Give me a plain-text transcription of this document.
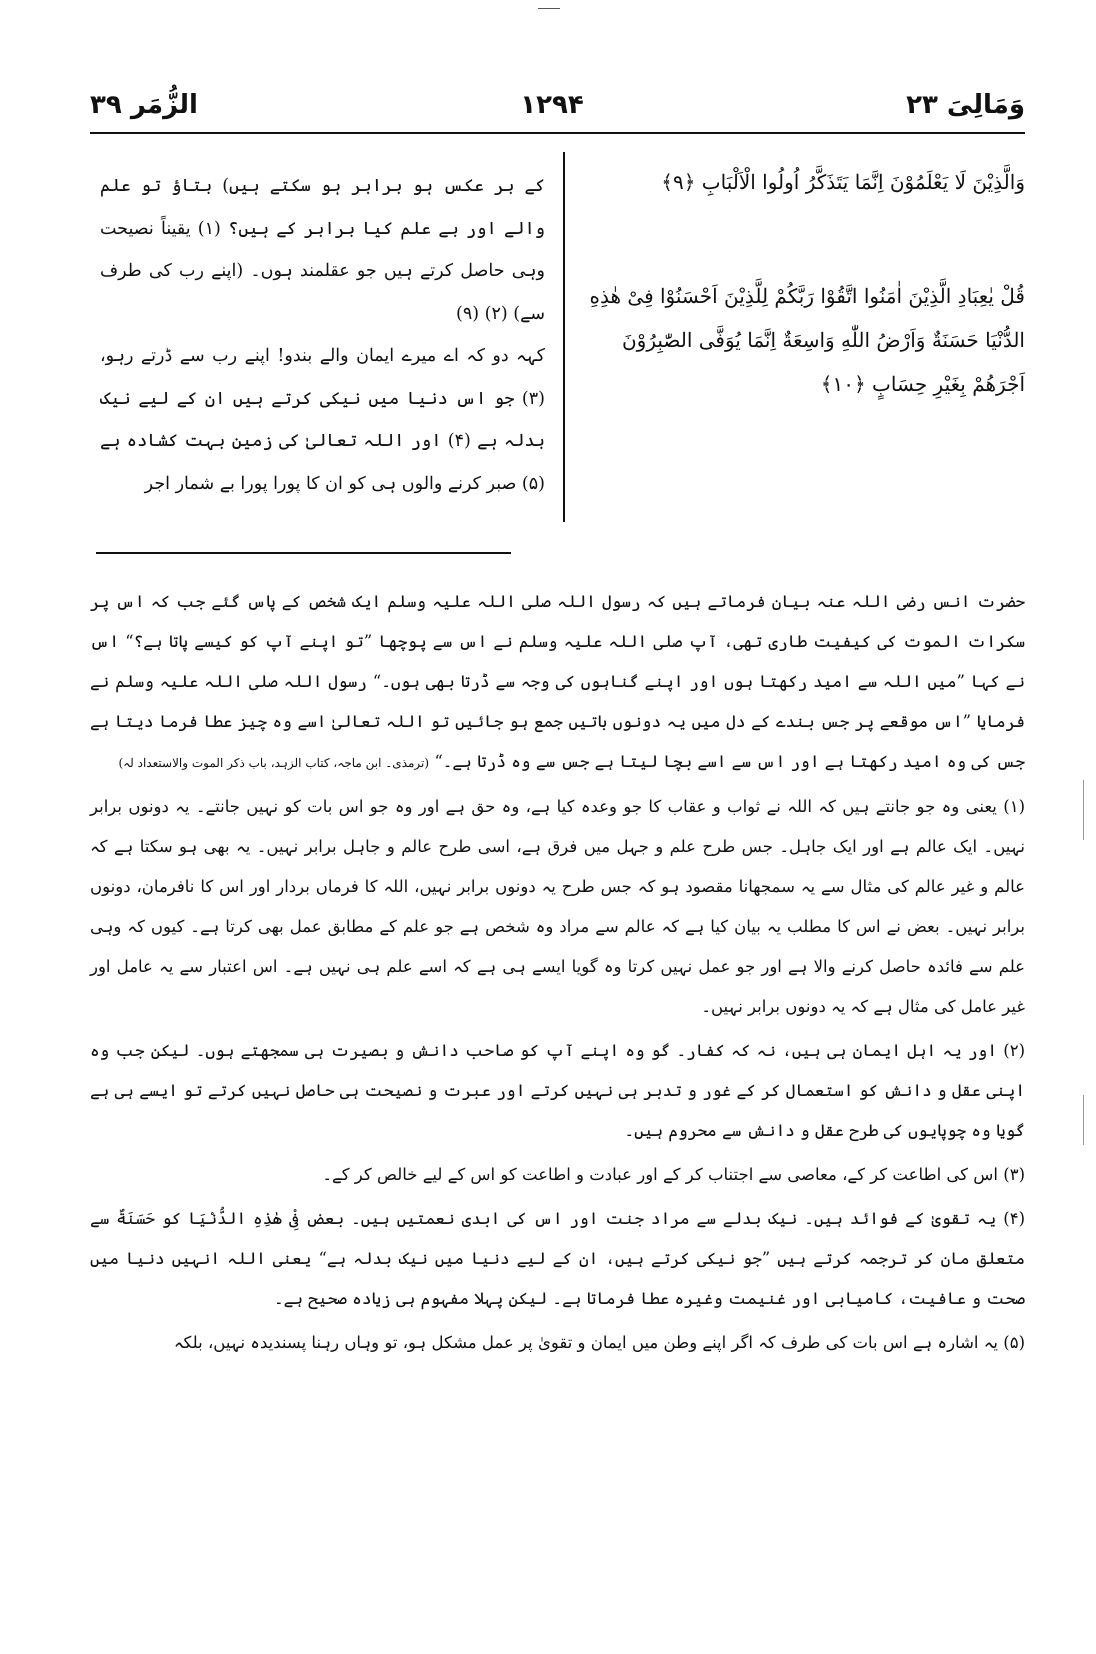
وَمَالِیَ ۲۳
۱۲۹۴
الزُّمَر ۳۹

وَالَّذِیْنَ لَا یَعْلَمُوْنَ اِنَّمَا یَتَذَکَّرُ اُولُوا الْاَلْبَابِ ﴿۹﴾

قُلْ یٰعِبَادِ الَّذِیْنَ اٰمَنُوا اتَّقُوْا رَبَّکُمْ لِلَّذِیْنَ اَحْسَنُوْا فِیْ هٰذِهِ الدُّنْیَا حَسَنَةٌ وَاَرْضُ اللّٰهِ وَاسِعَةٌ اِنَّمَا یُوَفَّی الصّٰبِرُوْنَ اَجْرَهُمْ بِغَیْرِ حِسَابٍ ﴿۱۰﴾

کے بر عکس ہو برابر ہو سکتے ہیں) بتاؤ تو علم والے اور بے علم کیا برابر کے ہیں؟ (۱) یقیناً نصیحت وہی حاصل کرتے ہیں جو عقلمند ہوں۔ (اپنے رب کی طرف سے) (۲) (۹)

کہہ دو کہ اے میرے ایمان والے بندو! اپنے رب سے ڈرتے رہو، (۳) جو اس دنیا میں نیکی کرتے ہیں ان کے لیے نیک بدلہ ہے (۴) اور اللہ تعالیٰ کی زمین بہت کشادہ ہے (۵) صبر کرنے والوں ہی کو ان کا پورا پورا بے شمار اجر

حضرت انس رضی اللہ عنہ بیان فرماتے ہیں کہ رسول اللہ صلی اللہ علیہ وسلم ایک شخص کے پاس گئے جب کہ اس پر سکرات الموت کی کیفیت طاری تھی، آپ صلی اللہ علیہ وسلم نے اس سے پوچھا ”تو اپنے آپ کو کیسے پاتا ہے؟“ اس نے کہا ”میں اللہ سے امید رکھتا ہوں اور اپنے گناہوں کی وجہ سے ڈرتا بھی ہوں۔“ رسول اللہ صلی اللہ علیہ وسلم نے فرمایا ”اس موقعے پر جس بندے کے دل میں یہ دونوں باتیں جمع ہو جائیں تو اللہ تعالیٰ اسے وہ چیز عطا فرما دیتا ہے جس کی وہ امید رکھتا ہے اور اس سے اسے بچا لیتا ہے جس سے وہ ڈرتا ہے۔“ (ترمذی۔ ابن ماجہ، کتاب الزہد، باب ذکر الموت والاستعداد لہ)

(۱) یعنی وہ جو جانتے ہیں کہ اللہ نے ثواب و عقاب کا جو وعدہ کیا ہے، وہ حق ہے اور وہ جو اس بات کو نہیں جانتے۔ یہ دونوں برابر نہیں۔ ایک عالم ہے اور ایک جاہل۔ جس طرح علم و جہل میں فرق ہے، اسی طرح عالم و جاہل برابر نہیں۔ یہ بھی ہو سکتا ہے کہ عالم و غیر عالم کی مثال سے یہ سمجھانا مقصود ہو کہ جس طرح یہ دونوں برابر نہیں، اللہ کا فرماں بردار اور اس کا نافرمان، دونوں برابر نہیں۔ بعض نے اس کا مطلب یہ بیان کیا ہے کہ عالم سے مراد وہ شخص ہے جو علم کے مطابق عمل بھی کرتا ہے۔ کیوں کہ وہی علم سے فائدہ حاصل کرنے والا ہے اور جو عمل نہیں کرتا وہ گویا ایسے ہی ہے کہ اسے علم ہی نہیں ہے۔ اس اعتبار سے یہ عامل اور غیر عامل کی مثال ہے کہ یہ دونوں برابر نہیں۔

(۲) اور یہ اہل ایمان ہی ہیں، نہ کہ کفار۔ گو وہ اپنے آپ کو صاحب دانش و بصیرت ہی سمجھتے ہوں۔ لیکن جب وہ اپنی عقل و دانش کو استعمال کر کے غور و تدبر ہی نہیں کرتے اور عبرت و نصیحت ہی حاصل نہیں کرتے تو ایسے ہی ہے گویا وہ چوپایوں کی طرح عقل و دانش سے محروم ہیں۔

(۳) اس کی اطاعت کر کے، معاصی سے اجتناب کر کے اور عبادت و اطاعت کو اس کے لیے خالص کر کے۔

(۴) یہ تقویٰ کے فوائد ہیں۔ نیک بدلے سے مراد جنت اور اس کی ابدی نعمتیں ہیں۔ بعض فِیْ هٰذِهِ الدُّنْیَا کو حَسَنَةٌ سے متعلق مان کر ترجمہ کرتے ہیں ”جو نیکی کرتے ہیں، ان کے لیے دنیا میں نیک بدلہ ہے“ یعنی اللہ انہیں دنیا میں صحت و عافیت، کامیابی اور غنیمت وغیرہ عطا فرماتا ہے۔ لیکن پہلا مفہوم ہی زیادہ صحیح ہے۔

(۵) یہ اشارہ ہے اس بات کی طرف کہ اگر اپنے وطن میں ایمان و تقویٰ پر عمل مشکل ہو، تو وہاں رہنا پسندیدہ نہیں، بلکہ
